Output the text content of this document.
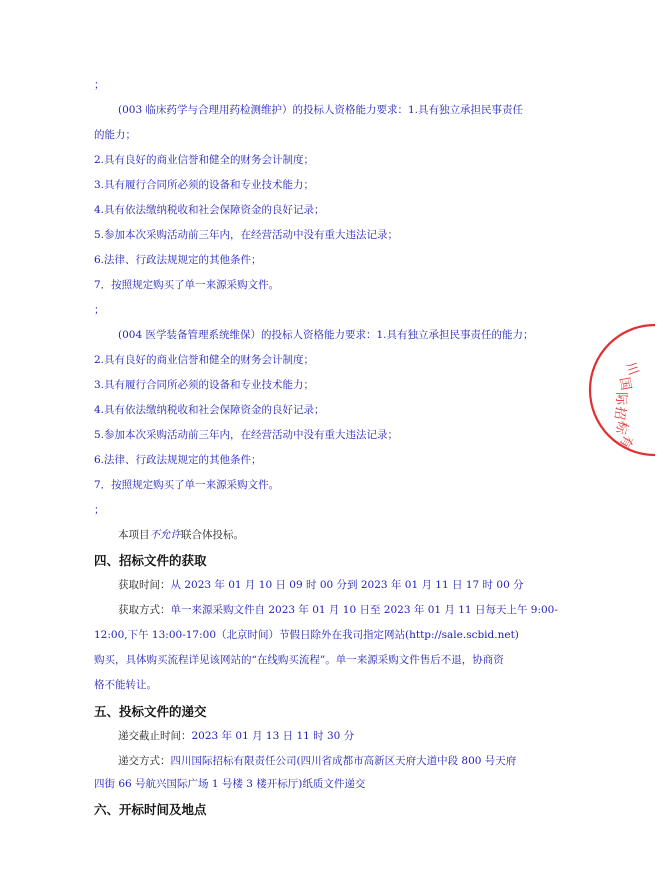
；
(003 临床药学与合理用药检测维护）的投标人资格能力要求：1.具有独立承担民事责任
的能力；
2.具有良好的商业信誉和健全的财务会计制度；
3.具有履行合同所必须的设备和专业技术能力；
4.具有依法缴纳税收和社会保障资金的良好记录；
5.参加本次采购活动前三年内，在经营活动中没有重大违法记录；
6.法律、行政法规规定的其他条件；
7．按照规定购买了单一来源采购文件。
；
(004 医学装备管理系统维保）的投标人资格能力要求：1.具有独立承担民事责任的能力；
2.具有良好的商业信誉和健全的财务会计制度；
3.具有履行合同所必须的设备和专业技术能力；
4.具有依法缴纳税收和社会保障资金的良好记录；
5.参加本次采购活动前三年内，在经营活动中没有重大违法记录；
6.法律、行政法规规定的其他条件；
7．按照规定购买了单一来源采购文件。
；
本项目不允许联合体投标。
四、招标文件的获取
获取时间：从 2023 年 01 月 10 日 09 时 00 分到 2023 年 01 月 11 日 17 时 00 分
获取方式：单一来源采购文件自 2023 年 01 月 10 日至 2023 年 01 月 11 日每天上午 9:00-
12:00,下午 13:00-17:00（北京时间）节假日除外在我司指定网站(http://sale.scbid.net)
购买，具体购买流程详见该网站的“在线购买流程”。单一来源采购文件售后不退，协商资
格不能转让。
五、投标文件的递交
递交截止时间：2023 年 01 月 13 日 11 时 30 分
递交方式：四川国际招标有限责任公司(四川省成都市高新区天府大道中段 800 号天府
四街 66 号航兴国际广场 1 号楼 3 楼开标厅)纸质文件递交
六、开标时间及地点
川
国
际
招
标
有
